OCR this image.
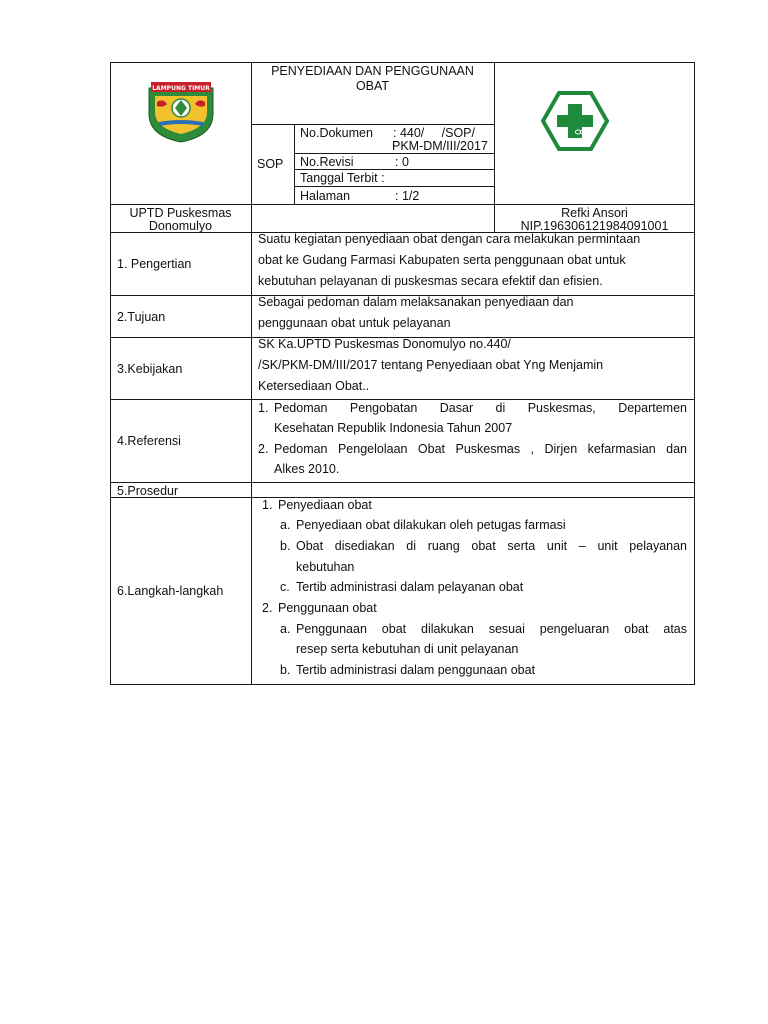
LAMPUNG TIMUR
PENYEDIAAN DAN PENGGUNAAN
OBAT
SOP
No.Dokumen : 440/     /SOP/
PKM-DM/III/2017
No.Revisi	: 0
Tanggal Terbit :
Halaman	: 1/2
UPTD Puskesmas
Donomulyo
Refki Ansori
NIP.196306121984091001
1. Pengertian
Suatu kegiatan penyediaan obat dengan cara melakukan permintaan
obat ke Gudang Farmasi Kabupaten serta penggunaan obat untuk
kebutuhan pelayanan di puskesmas secara efektif dan efisien.
2.Tujuan
Sebagai pedoman dalam melaksanakan penyediaan dan
penggunaan obat untuk pelayanan
3.Kebijakan
SK Ka.UPTD Puskesmas Donomulyo no.440/
/SK/PKM-DM/III/2017 tentang Penyediaan obat Yng Menjamin
Ketersediaan Obat..
4.Referensi
1. Pedoman Pengobatan Dasar di Puskesmas, Departemen
Kesehatan Republik Indonesia Tahun 2007
2. Pedoman Pengelolaan Obat Puskesmas , Dirjen kefarmasian dan
Alkes 2010.
5.Prosedur
6.Langkah-langkah
1. Penyediaan obat
a. Penyediaan obat dilakukan oleh petugas farmasi
b. Obat disediakan di ruang obat serta unit – unit pelayanan
kebutuhan
c. Tertib administrasi dalam pelayanan obat
2. Penggunaan obat
a. Penggunaan obat dilakukan sesuai pengeluaran obat atas
resep serta kebutuhan di unit pelayanan
b. Tertib administrasi dalam penggunaan obat
